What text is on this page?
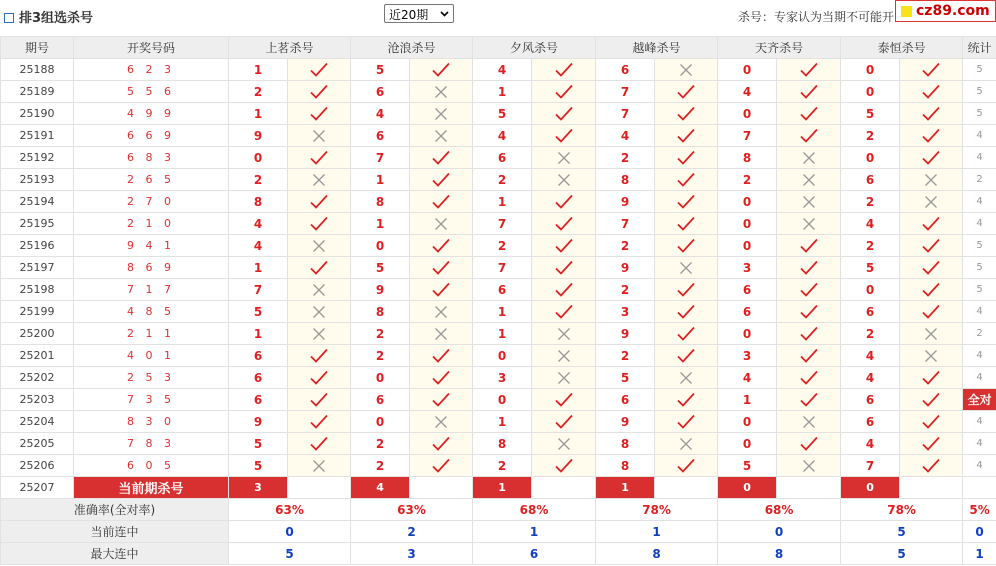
排3组选杀号	近20期	杀号：专家认为当期不可能开	cz89.com
期号	开奖号码	上茗杀号		沧浪杀号		夕风杀号		越峰杀号		天齐杀号		泰恒杀号		统计
25188	6 2 3	1		5		4		6		0		0		5
25189	5 5 6	2		6		1		7		4		0		5
25190	4 9 9	1		4		5		7		0		5		5
25191	6 6 9	9		6		4		4		7		2		4
25192	6 8 3	0		7		6		2		8		0		4
25193	2 6 5	2		1		2		8		2		6		2
25194	2 7 0	8		8		1		9		0		2		4
25195	2 1 0	4		1		7		7		0		4		4
25196	9 4 1	4		0		2		2		0		2		5
25197	8 6 9	1		5		7		9		3		5		5
25198	7 1 7	7		9		6		2		6		0		5
25199	4 8 5	5		8		1		3		6		6		4
25200	2 1 1	1		2		1		9		0		2		2
25201	4 0 1	6		2		0		2		3		4		4
25202	2 5 3	6		0		3		5		4		4		4
25203	7 3 5	6		6		0		6		1		6		全对
25204	8 3 0	9		0		1		9		0		6		4
25205	7 8 3	5		2		8		8		0		4		4
25206	6 0 5	5		2		2		8		5		7		4
25207	当前期杀号	3		4		1		1		0		0		
准确率(全对率)		63%		63%		68%		78%		68%		78%		5%
当前连中		0		2		1		1		0		5		0
最大连中		5		3		6		8		8		5		1
